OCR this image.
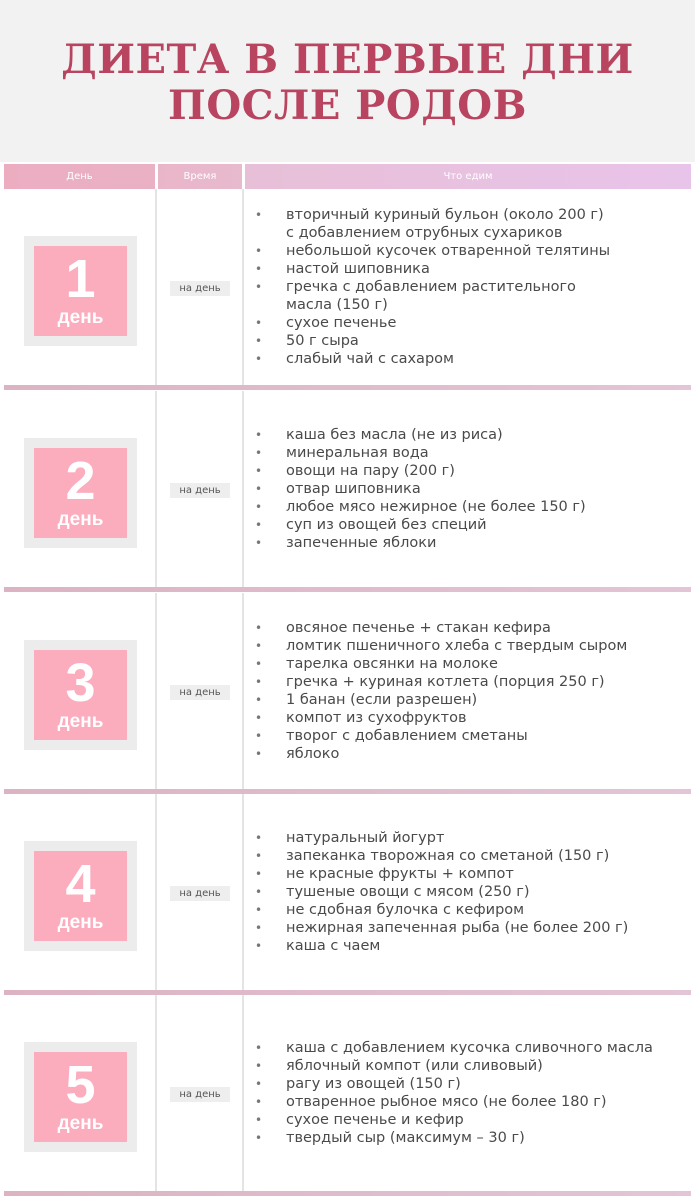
ДИЕТА В ПЕРВЫЕ ДНИ ПОСЛЕ РОДОВ
День	Время	Что едим
1
день
на день
• вторичный куриный бульон (около 200 г) с добавлением отрубных сухариков
• небольшой кусочек отваренной телятины
• настой шиповника
• гречка с добавлением растительного масла (150 г)
• сухое печенье
• 50 г сыра
• слабый чай с сахаром
2
день
на день
• каша без масла (не из риса)
• минеральная вода
• овощи на пару (200 г)
• отвар шиповника
• любое мясо нежирное (не более 150 г)
• суп из овощей без специй
• запеченные яблоки
3
день
на день
• овсяное печенье + стакан кефира
• ломтик пшеничного хлеба с твердым сыром
• тарелка овсянки на молоке
• гречка + куриная котлета (порция 250 г)
• 1 банан (если разрешен)
• компот из сухофруктов
• творог с добавлением сметаны
• яблоко
4
день
на день
• натуральный йогурт
• запеканка творожная со сметаной (150 г)
• не красные фрукты + компот
• тушеные овощи с мясом (250 г)
• не сдобная булочка с кефиром
• нежирная запеченная рыба (не более 200 г)
• каша с чаем
5
день
на день
• каша с добавлением кусочка сливочного масла
• яблочный компот (или сливовый)
• рагу из овощей (150 г)
• отваренное рыбное мясо (не более 180 г)
• сухое печенье и кефир
• твердый сыр (максимум – 30 г)
